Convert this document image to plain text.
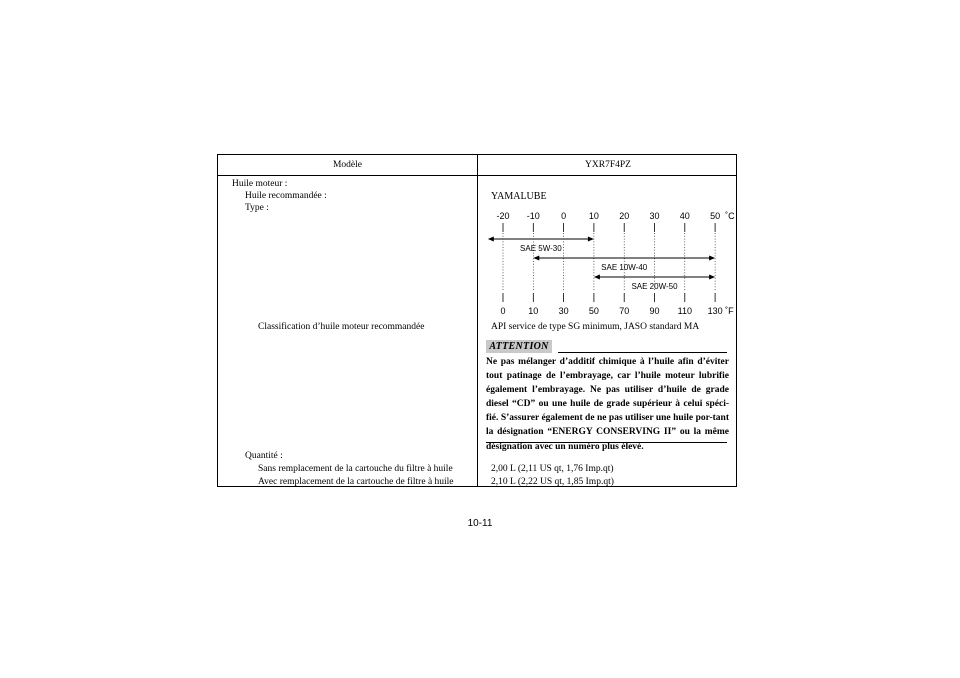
Modèle	YXR7F4PZ
Huile moteur :
Huile recommandée :
Type :
YAMALUBE
-20 -10 0	10 20 30 40 50 ˚C
0	10 30 50 70 90 110 130 ˚F
SAE 5W-30
SAE 10W-40
SAE 20W-50
Classification d’huile moteur recommandée	API service de type SG minimum, JASO standard MA
ATTENTION
Ne pas mélanger d’additif chimique à l’huile afin d’éviter tout patinage de l’embrayage, car l’huile moteur lubrifie également l’embrayage. Ne pas utiliser d’huile de grade diesel “CD” ou une huile de grade supérieur à celui spéci-fié. S’assurer également de ne pas utiliser une huile por-tant la désignation “ENERGY CONSERVING II” ou la même désignation avec un numéro plus élevé.
Quantité :
Sans remplacement de la cartouche du filtre à huile	2,00 L (2,11 US qt, 1,76 Imp.qt)
Avec remplacement de la cartouche de filtre à huile	2,10 L (2,22 US qt, 1,85 Imp.qt)
10-11
